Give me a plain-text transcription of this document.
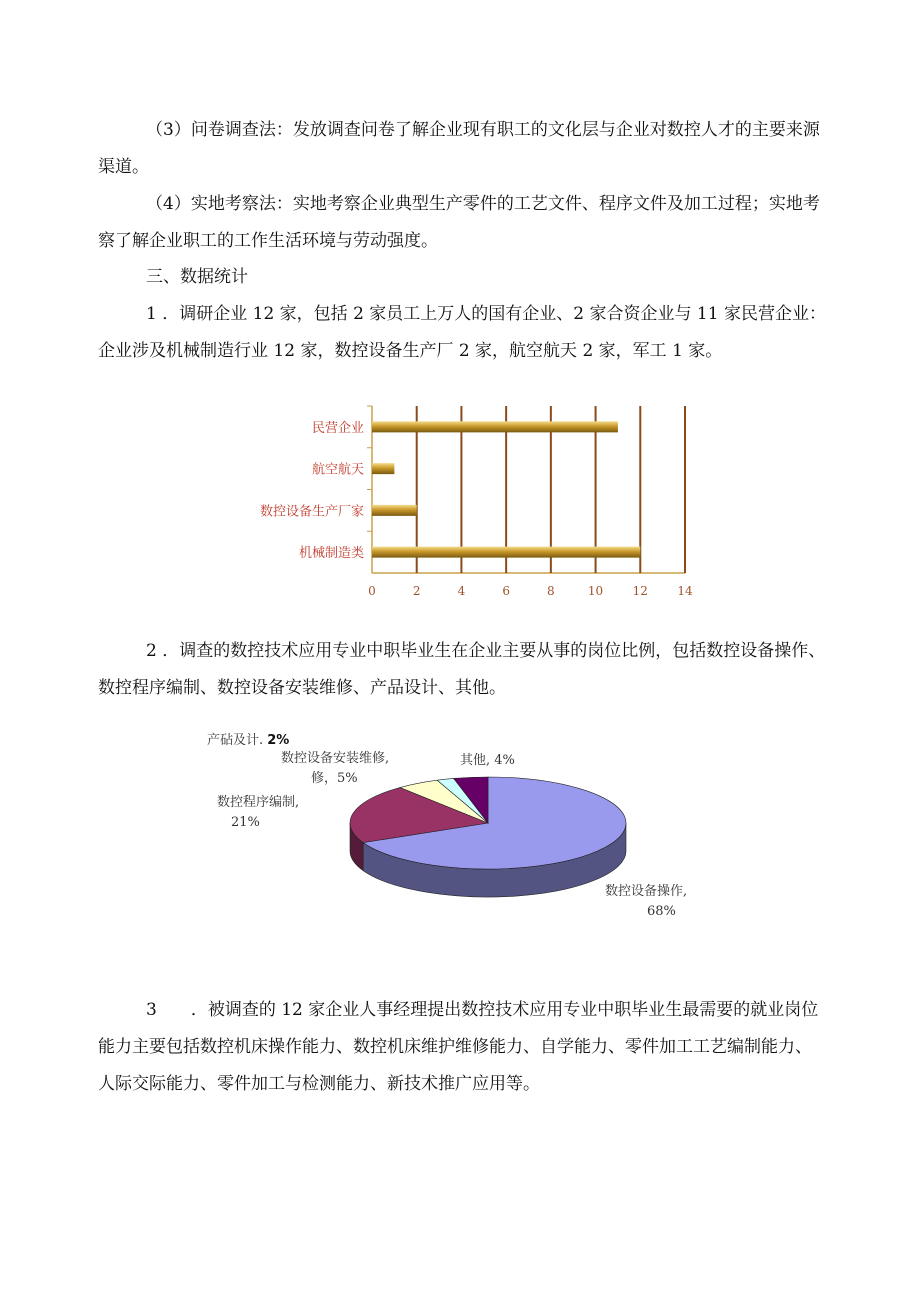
（3）问卷调查法：发放调查问卷了解企业现有职工的文化层与企业对数控人才的主要来源渠道。

（4）实地考察法：实地考察企业典型生产零件的工艺文件、程序文件及加工过程；实地考察了解企业职工的工作生活环境与劳动强度。

三、数据统计

1 ．调研企业 12 家，包括 2 家员工上万人的国有企业、2 家合资企业与 11 家民营企业：企业涉及机械制造行业 12 家，数控设备生产厂 2 家，航空航天 2 家，军工 1 家。

0	2	4	6	8	10 12 14
民营企业
航空航天
数控设备生产厂家
机械制造类

2 ．调查的数控技术应用专业中职毕业生在企业主要从事的岗位比例，包括数控设备操作、数控程序编制、数控设备安装维修、产品设计、其他。

数控设备操作,
68%
数控程序编制,
21%
数控设备安装维修,
修，5%
产砧及计. 2%
其他, 4%

3　　．被调查的 12 家企业人事经理提出数控技术应用专业中职毕业生最需要的就业岗位能力主要包括数控机床操作能力、数控机床维护维修能力、自学能力、零件加工工艺编制能力、人际交际能力、零件加工与检测能力、新技术推广应用等。
